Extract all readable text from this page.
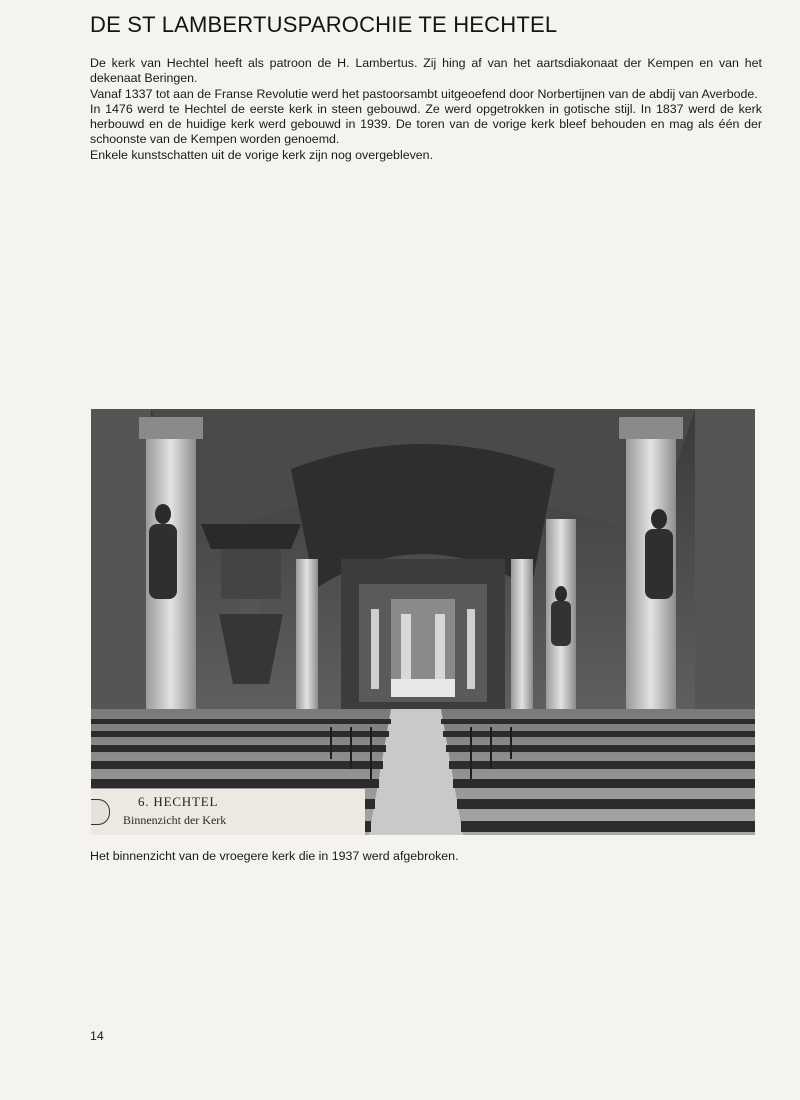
DE ST LAMBERTUSPAROCHIE TE HECHTEL

De kerk van Hechtel heeft als patroon de H. Lambertus. Zij hing af van het aartsdiakonaat der Kempen en van het dekenaat Beringen.

Vanaf 1337 tot aan de Franse Revolutie werd het pastoorsambt uitgeoefend door Norbertijnen van de abdij van Averbode.

In 1476 werd te Hechtel de eerste kerk in steen gebouwd. Ze werd opgetrokken in gotische stijl. In 1837 werd de kerk herbouwd en de huidige kerk werd gebouwd in 1939. De toren van de vorige kerk bleef behouden en mag als één der schoonste van de Kempen worden genoemd.

Enkele kunstschatten uit de vorige kerk zijn nog overgebleven.

6. HECHTEL
Binnenzicht der Kerk

Het binnenzicht van de vroegere kerk die in 1937 werd afgebroken.

14
